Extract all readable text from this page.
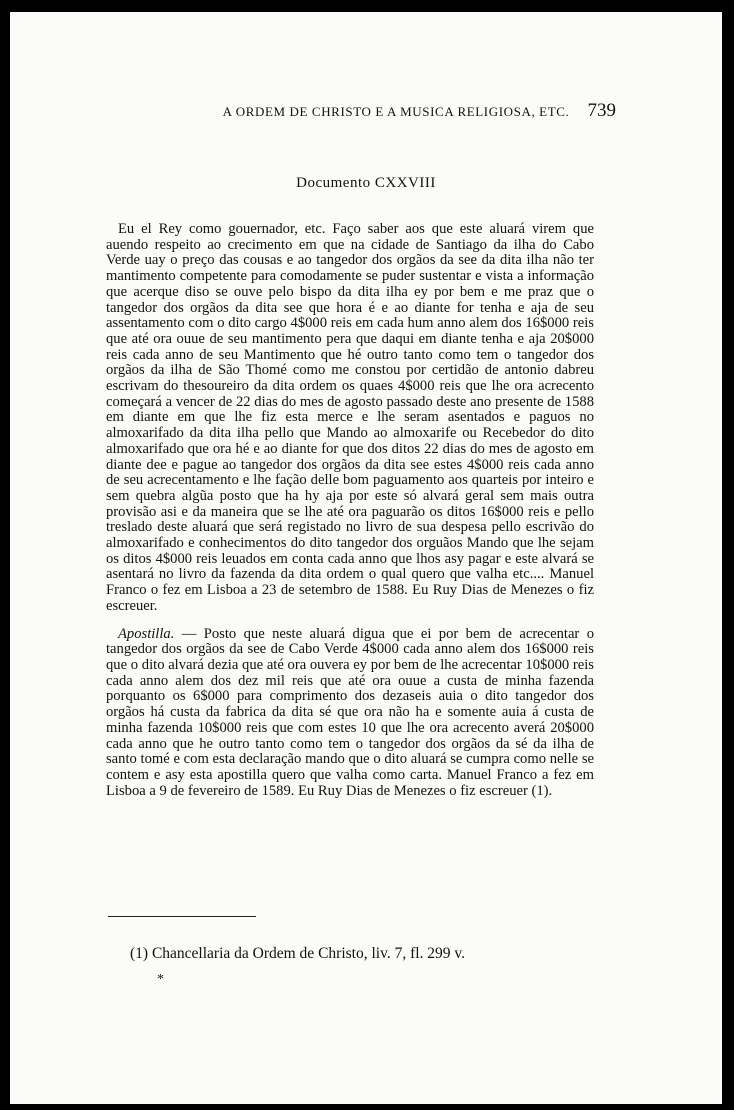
A ORDEM DE CHRISTO E A MUSICA RELIGIOSA, ETC. 739
Documento CXXVIII

Eu el Rey como gouernador, etc. Faço saber aos que este aluará virem que auendo respeito ao crecimento em que na cidade de Santiago da ilha do Cabo Verde uay o preço das cousas e ao tangedor dos orgãos da see da dita ilha não ter mantimento competente para comodamente se puder sustentar e vista a informação que acerque diso se ouve pelo bispo da dita ilha ey por bem e me praz que o tangedor dos orgãos da dita see que hora é e ao diante for tenha e aja de seu assentamento com o dito cargo 4$000 reis em cada hum anno alem dos 16$000 reis que até ora ouue de seu mantimento pera que daqui em diante tenha e aja 20$000 reis cada anno de seu Mantimento que hé outro tanto como tem o tangedor dos orgãos da ilha de São Thomé como me constou por certidão de antonio dabreu escrivam do thesoureiro da dita ordem os quaes 4$000 reis que lhe ora acrecento começará a vencer de 22 dias do mes de agosto passado deste ano presente de 1588 em diante em que lhe fiz esta merce e lhe seram asentados e paguos no almoxarifado da dita ilha pello que Mando ao almoxarife ou Recebedor do dito almoxarifado que ora hé e ao diante for que dos ditos 22 dias do mes de agosto em diante dee e pague ao tangedor dos orgãos da dita see estes 4$000 reis cada anno de seu acrecentamento e lhe fação delle bom paguamento aos quarteis por inteiro e sem quebra algũa posto que ha hy aja por este só alvará geral sem mais outra provisão asi e da maneira que se lhe até ora paguarão os ditos 16$000 reis e pello treslado deste aluará que será registado no livro de sua despesa pello escrivão do almoxarifado e conhecimentos do dito tangedor dos orguãos Mando que lhe sejam os ditos 4$000 reis leuados em conta cada anno que lhos asy pagar e este alvará se asentará no livro da fazenda da dita ordem o qual quero que valha etc.... Manuel Franco o fez em Lisboa a 23 de setembro de 1588. Eu Ruy Dias de Menezes o fiz escreuer.

Apostilla. — Posto que neste aluará digua que ei por bem de acrecentar o tangedor dos orgãos da see de Cabo Verde 4$000 cada anno alem dos 16$000 reis que o dito alvará dezia que até ora ouvera ey por bem de lhe acrecentar 10$000 reis cada anno alem dos dez mil reis que até ora ouue a custa de minha fazenda porquanto os 6$000 para comprimento dos dezaseis auia o dito tangedor dos orgãos há custa da fabrica da dita sé que ora não ha e somente auia á custa de minha fazenda 10$000 reis que com estes 10 que lhe ora acrecento averá 20$000 cada anno que he outro tanto como tem o tangedor dos orgãos da sé da ilha de santo tomé e com esta declaração mando que o dito aluará se cumpra como nelle se contem e asy esta apostilla quero que valha como carta. Manuel Franco a fez em Lisboa a 9 de fevereiro de 1589. Eu Ruy Dias de Menezes o fiz escreuer (1).

(1) Chancellaria da Ordem de Christo, liv. 7, fl. 299 v.
*
